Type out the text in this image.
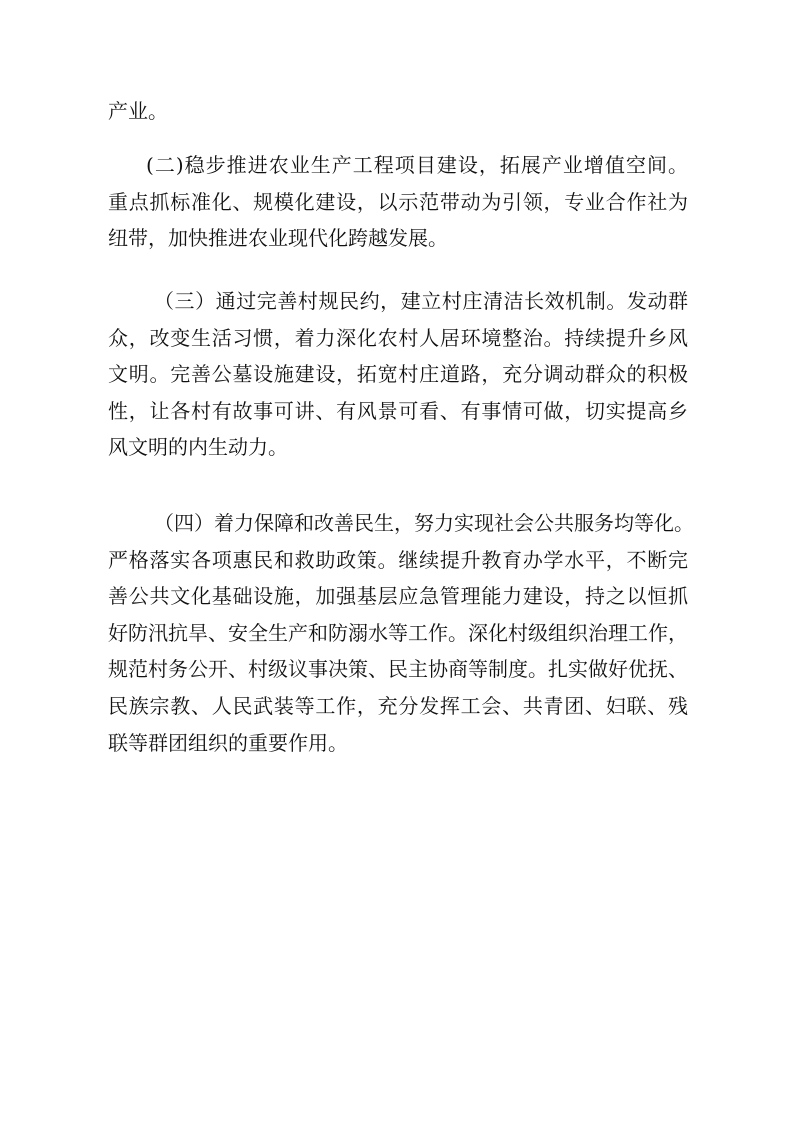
产业。
(二)稳步推进农业生产工程项目建设，拓展产业增值空间。
重点抓标准化、规模化建设，以示范带动为引领，专业合作社为
纽带，加快推进农业现代化跨越发展。
（三）通过完善村规民约，建立村庄清洁长效机制。发动群
众，改变生活习惯，着力深化农村人居环境整治。持续提升乡风
文明。完善公墓设施建设，拓宽村庄道路，充分调动群众的积极
性，让各村有故事可讲、有风景可看、有事情可做，切实提高乡
风文明的内生动力。
（四）着力保障和改善民生，努力实现社会公共服务均等化。
严格落实各项惠民和救助政策。继续提升教育办学水平，不断完
善公共文化基础设施，加强基层应急管理能力建设，持之以恒抓
好防汛抗旱、安全生产和防溺水等工作。深化村级组织治理工作，
规范村务公开、村级议事决策、民主协商等制度。扎实做好优抚、
民族宗教、人民武装等工作，充分发挥工会、共青团、妇联、残
联等群团组织的重要作用。
